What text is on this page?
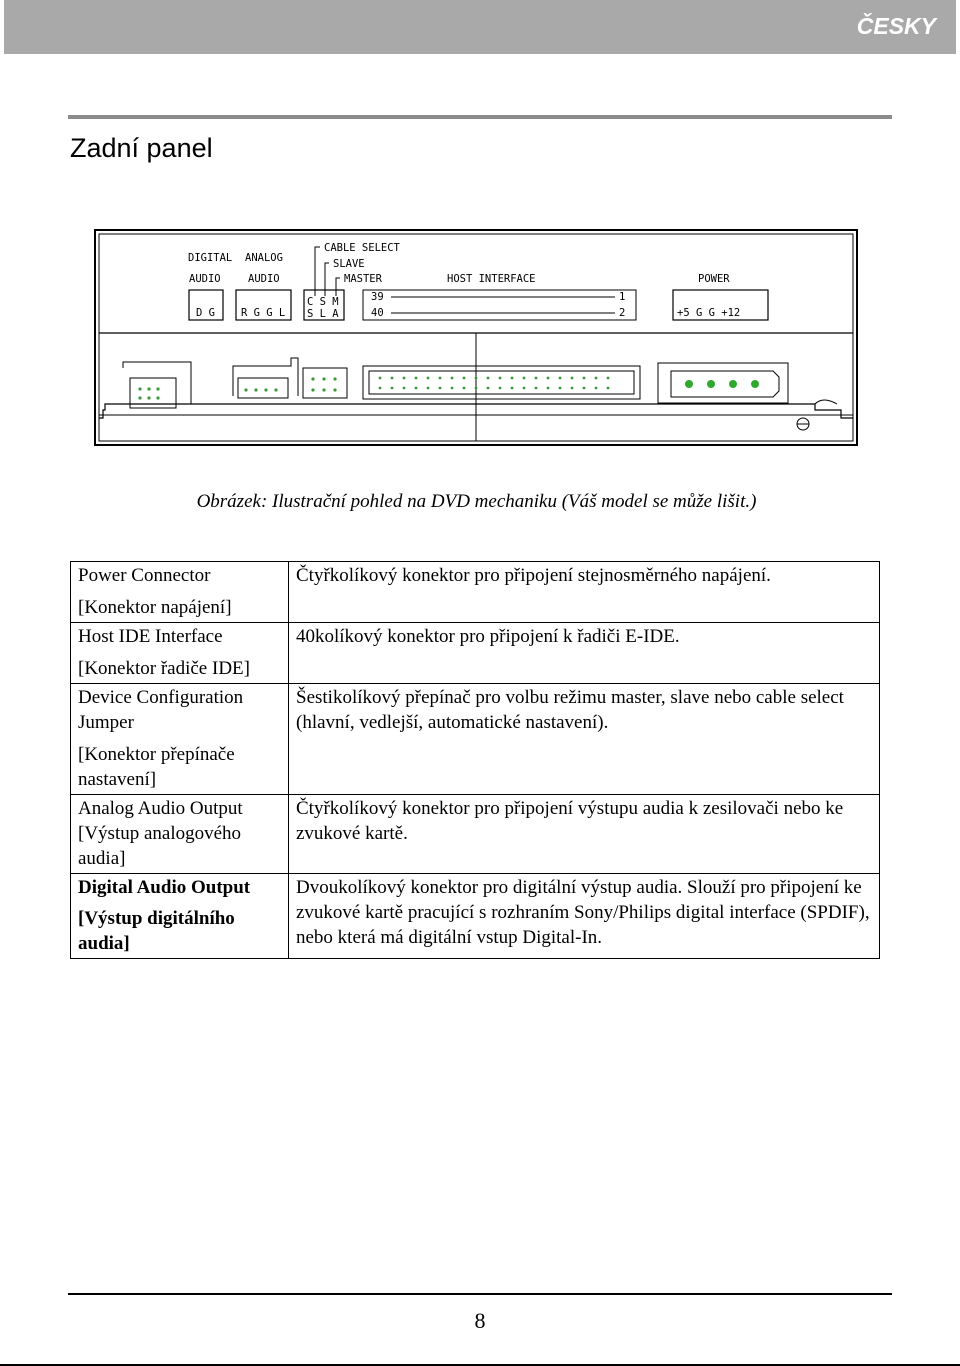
ČESKY
Zadní panel
DIGITAL
AUDIO
ANALOG
AUDIO
CABLE SELECT
SLAVE
MASTER	HOST INTERFACE	POWER
D G R G G L
C S M
S L A
39
40
1
2	+5 G G +12
Obrázek: Ilustrační pohled na DVD mechaniku (Váš model se může lišit.)
Power Connector
[Konektor napájení]	Čtyřkolíkový konektor pro připojení stejnosměrného napájení.

Host IDE Interface
[Konektor řadiče IDE]	40kolíkový konektor pro připojení k řadiči E-IDE.

Device Configuration Jumper
[Konektor přepínače nastavení]	Šestikolíkový přepínač pro volbu režimu master, slave nebo cable select (hlavní, vedlejší, automatické nastavení).
Analog Audio Output [Výstup analogového audia]	Čtyřkolíkový konektor pro připojení výstupu audia k zesilovači nebo ke zvukové kartě.

Digital Audio Output
[Výstup digitálního audia]	Dvoukolíkový konektor pro digitální výstup audia. Slouží pro připojení ke zvukové kartě pracující s rozhraním Sony/Philips digital interface (SPDIF), nebo která má digitální vstup Digital-In.
8
